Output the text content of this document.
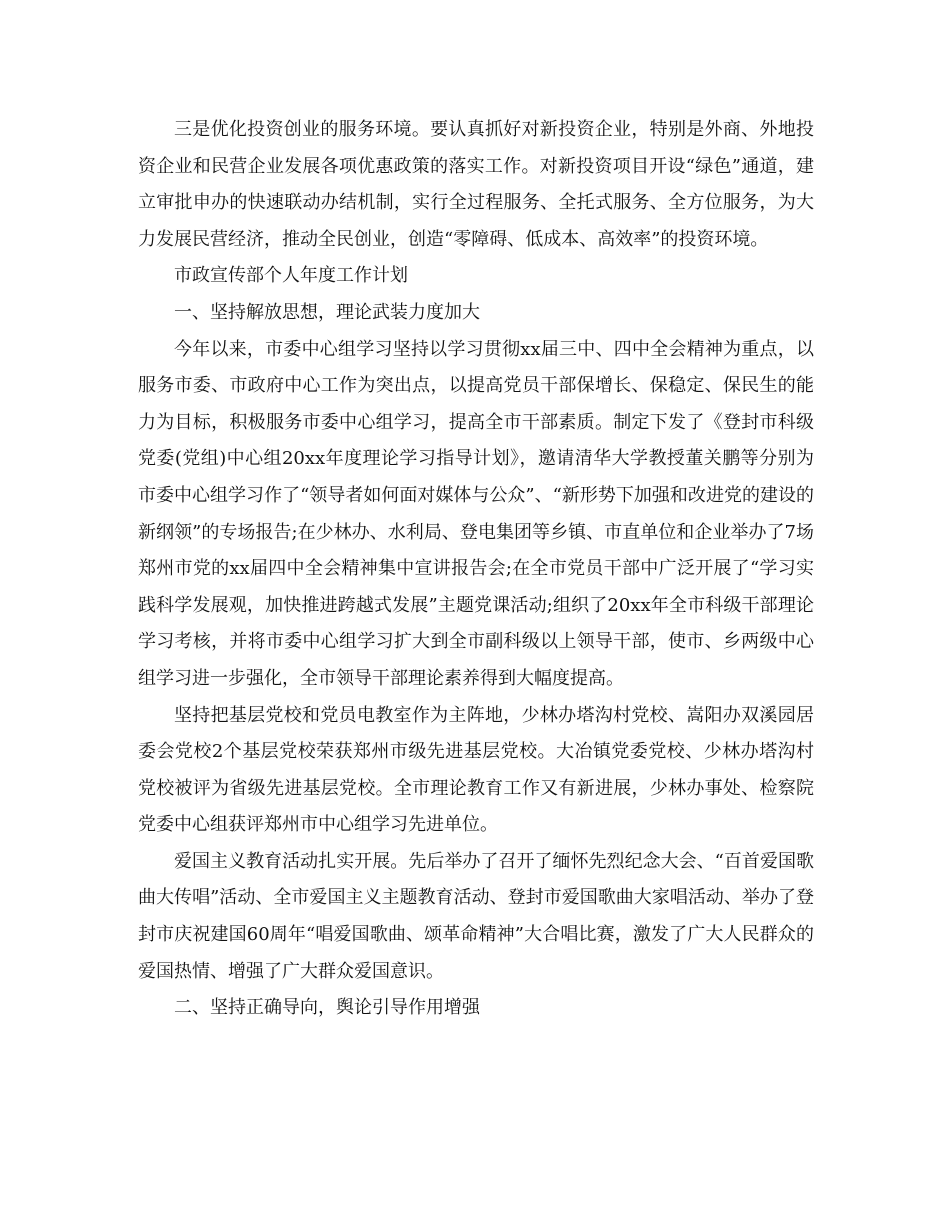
三是优化投资创业的服务环境。要认真抓好对新投资企业，特别是外商、外地投资企业和民营企业发展各项优惠政策的落实工作。对新投资项目开设“绿色”通道，建立审批申办的快速联动办结机制，实行全过程服务、全托式服务、全方位服务，为大力发展民营经济，推动全民创业，创造“零障碍、低成本、高效率”的投资环境。

市政宣传部个人年度工作计划

一、坚持解放思想，理论武装力度加大

今年以来，市委中心组学习坚持以学习贯彻xx届三中、四中全会精神为重点，以服务市委、市政府中心工作为突出点，以提高党员干部保增长、保稳定、保民生的能力为目标，积极服务市委中心组学习，提高全市干部素质。制定下发了《登封市科级党委(党组)中心组20xx年度理论学习指导计划》，邀请清华大学教授董关鹏等分别为市委中心组学习作了“领导者如何面对媒体与公众”、“新形势下加强和改进党的建设的新纲领”的专场报告;在少林办、水利局、登电集团等乡镇、市直单位和企业举办了7场郑州市党的xx届四中全会精神集中宣讲报告会;在全市党员干部中广泛开展了“学习实践科学发展观，加快推进跨越式发展”主题党课活动;组织了20xx年全市科级干部理论学习考核，并将市委中心组学习扩大到全市副科级以上领导干部，使市、乡两级中心组学习进一步强化，全市领导干部理论素养得到大幅度提高。

坚持把基层党校和党员电教室作为主阵地，少林办塔沟村党校、嵩阳办双溪园居委会党校2个基层党校荣获郑州市级先进基层党校。大冶镇党委党校、少林办塔沟村党校被评为省级先进基层党校。全市理论教育工作又有新进展，少林办事处、检察院党委中心组获评郑州市中心组学习先进单位。

爱国主义教育活动扎实开展。先后举办了召开了缅怀先烈纪念大会、“百首爱国歌曲大传唱”活动、全市爱国主义主题教育活动、登封市爱国歌曲大家唱活动、举办了登封市庆祝建国60周年“唱爱国歌曲、颂革命精神”大合唱比赛，激发了广大人民群众的爱国热情、增强了广大群众爱国意识。

二、坚持正确导向，舆论引导作用增强
